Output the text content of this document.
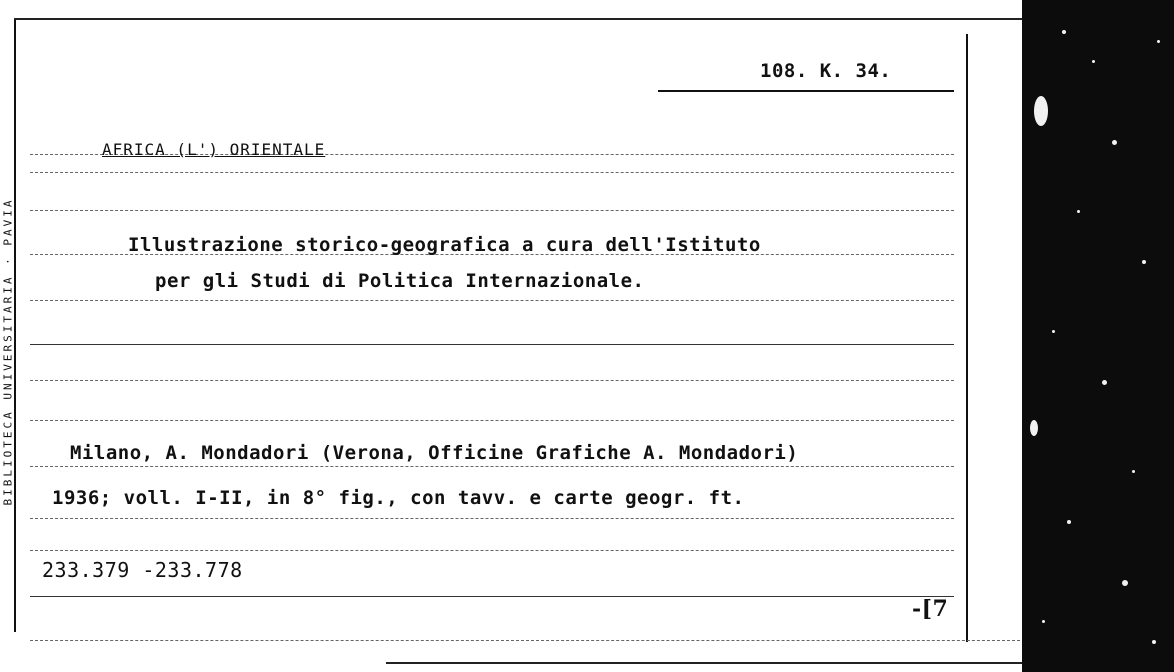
BIBLIOTECA UNIVERSITARIA · PAVIA
108. K. 34.
AFRICA (L') ORIENTALE
Illustrazione storico-geografica a cura dell'Istituto
per gli Studi di Politica Internazionale.
Milano, A. Mondadori (Verona, Officine Grafiche A. Mondadori)
1936; voll. I-II, in 8° fig., con tavv. e carte geogr. ft.
233.379 -233.778
-[7
